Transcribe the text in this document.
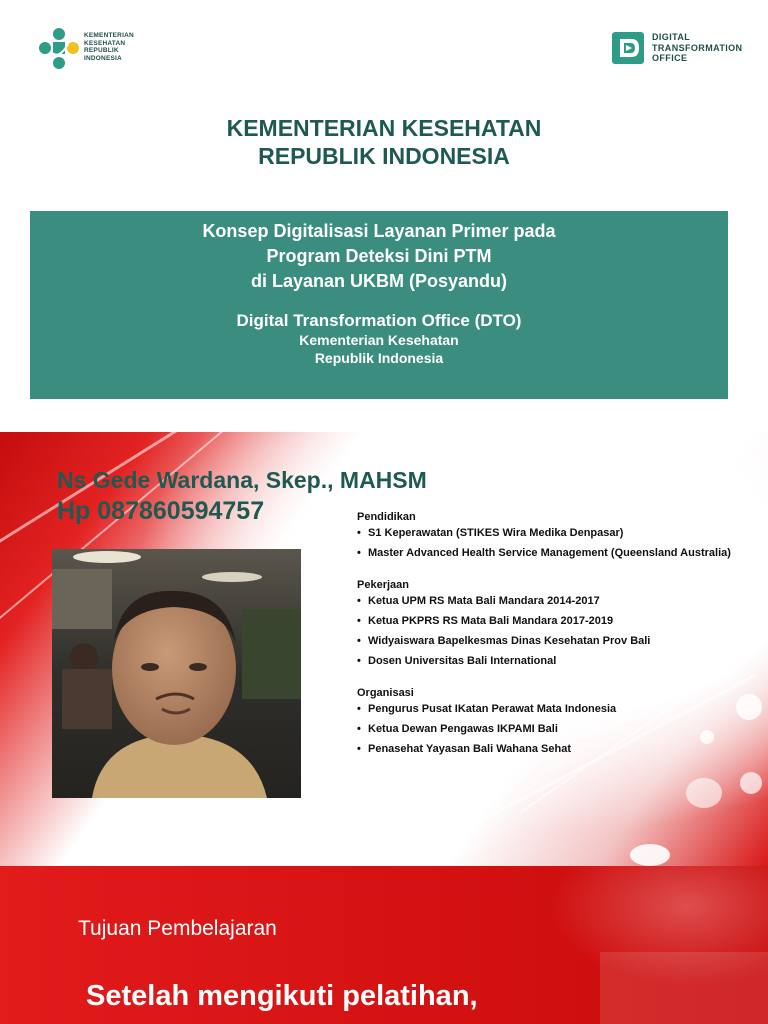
KEMENTERIAN
KESEHATAN
REPUBLIK
INDONESIA
DIGITAL
TRANSFORMATION
OFFICE
KEMENTERIAN KESEHATAN
REPUBLIK INDONESIA
Konsep Digitalisasi Layanan Primer pada
Program Deteksi Dini PTM
di Layanan UKBM (Posyandu)
Digital Transformation Office (DTO)
Kementerian Kesehatan
Republik Indonesia
Ns Gede Wardana, Skep., MAHSM
Hp 087860594757	Pendidikan
• S1 Keperawatan (STIKES Wira Medika Denpasar)
• Master Advanced Health Service Management (Queensland Australia)
Pekerjaan
• Ketua UPM RS Mata Bali Mandara 2014-2017
• Ketua PKPRS RS Mata Bali Mandara 2017-2019
• Widyaiswara Bapelkesmas Dinas Kesehatan Prov Bali
• Dosen Universitas Bali International
Organisasi
• Pengurus Pusat IKatan Perawat Mata Indonesia
• Ketua Dewan Pengawas IKPAMI Bali
• Penasehat Yayasan Bali Wahana Sehat
Tujuan Pembelajaran
Setelah mengikuti pelatihan,
